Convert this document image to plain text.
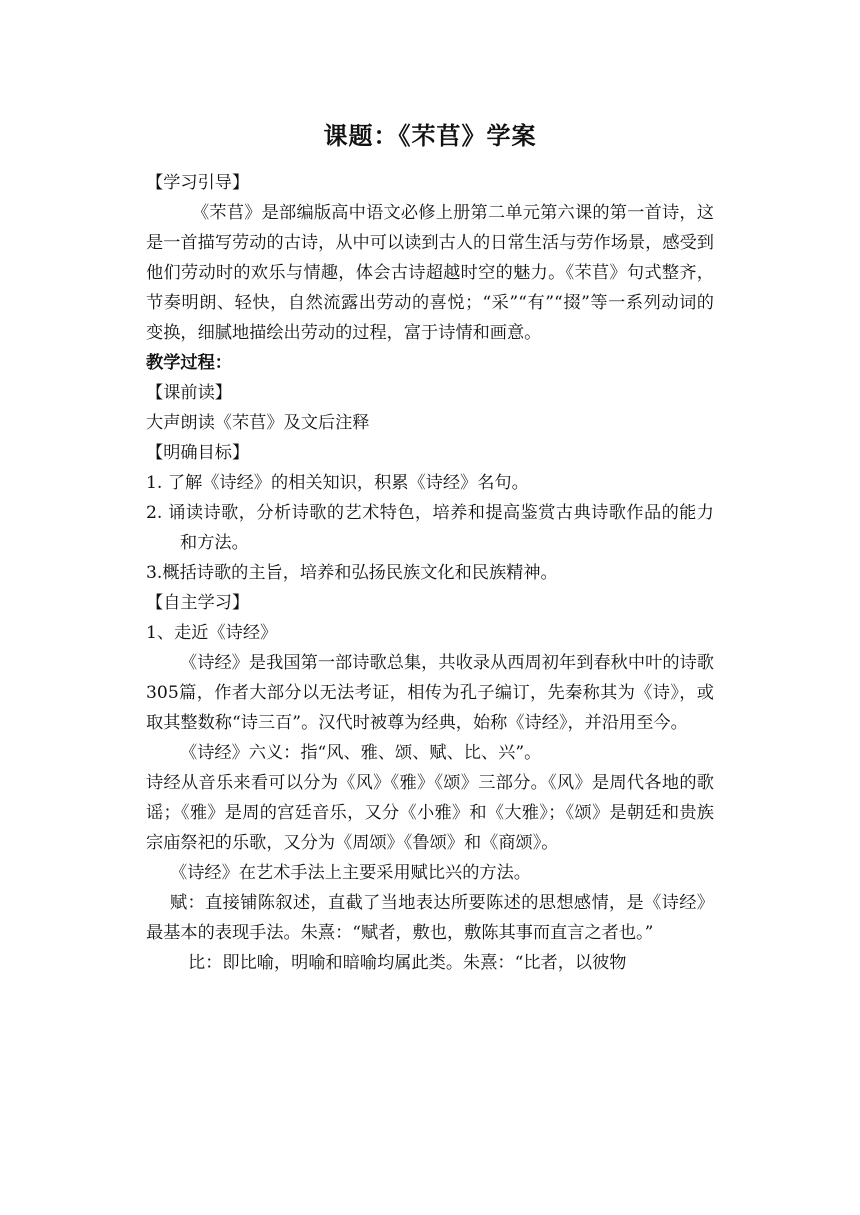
课题：《芣苢》学案

【学习引导】

《芣苢》是部编版高中语文必修上册第二单元第六课的第一首诗，这是一首描写劳动的古诗，从中可以读到古人的日常生活与劳作场景，感受到他们劳动时的欢乐与情趣，体会古诗超越时空的魅力。《芣苢》句式整齐，节奏明朗、轻快，自然流露出劳动的喜悦；“采”“有”“掇”等一系列动词的变换，细腻地描绘出劳动的过程，富于诗情和画意。

教学过程：

【课前读】

大声朗读《芣苢》及文后注释

【明确目标】

1. 了解《诗经》的相关知识，积累《诗经》名句。

2. 诵读诗歌，分析诗歌的艺术特色，培养和提高鉴赏古典诗歌作品的能力和方法。

3.概括诗歌的主旨，培养和弘扬民族文化和民族精神。

【自主学习】

1、走近《诗经》

《诗经》是我国第一部诗歌总集，共收录从西周初年到春秋中叶的诗歌305篇，作者大部分以无法考证，相传为孔子编订，先秦称其为《诗》，或取其整数称“诗三百”。汉代时被尊为经典，始称《诗经》，并沿用至今。

《诗经》六义：指“风、雅、颂、赋、比、兴”。

诗经从音乐来看可以分为《风》《雅》《颂》三部分。《风》是周代各地的歌谣；《雅》是周的宫廷音乐，又分《小雅》和《大雅》；《颂》是朝廷和贵族宗庙祭祀的乐歌，又分为《周颂》《鲁颂》和《商颂》。

《诗经》在艺术手法上主要采用赋比兴的方法。

赋：直接铺陈叙述，直截了当地表达所要陈述的思想感情，是《诗经》最基本的表现手法。朱熹：“赋者，敷也，敷陈其事而直言之者也。”

比：即比喻，明喻和暗喻均属此类。朱熹：“比者，以彼物
